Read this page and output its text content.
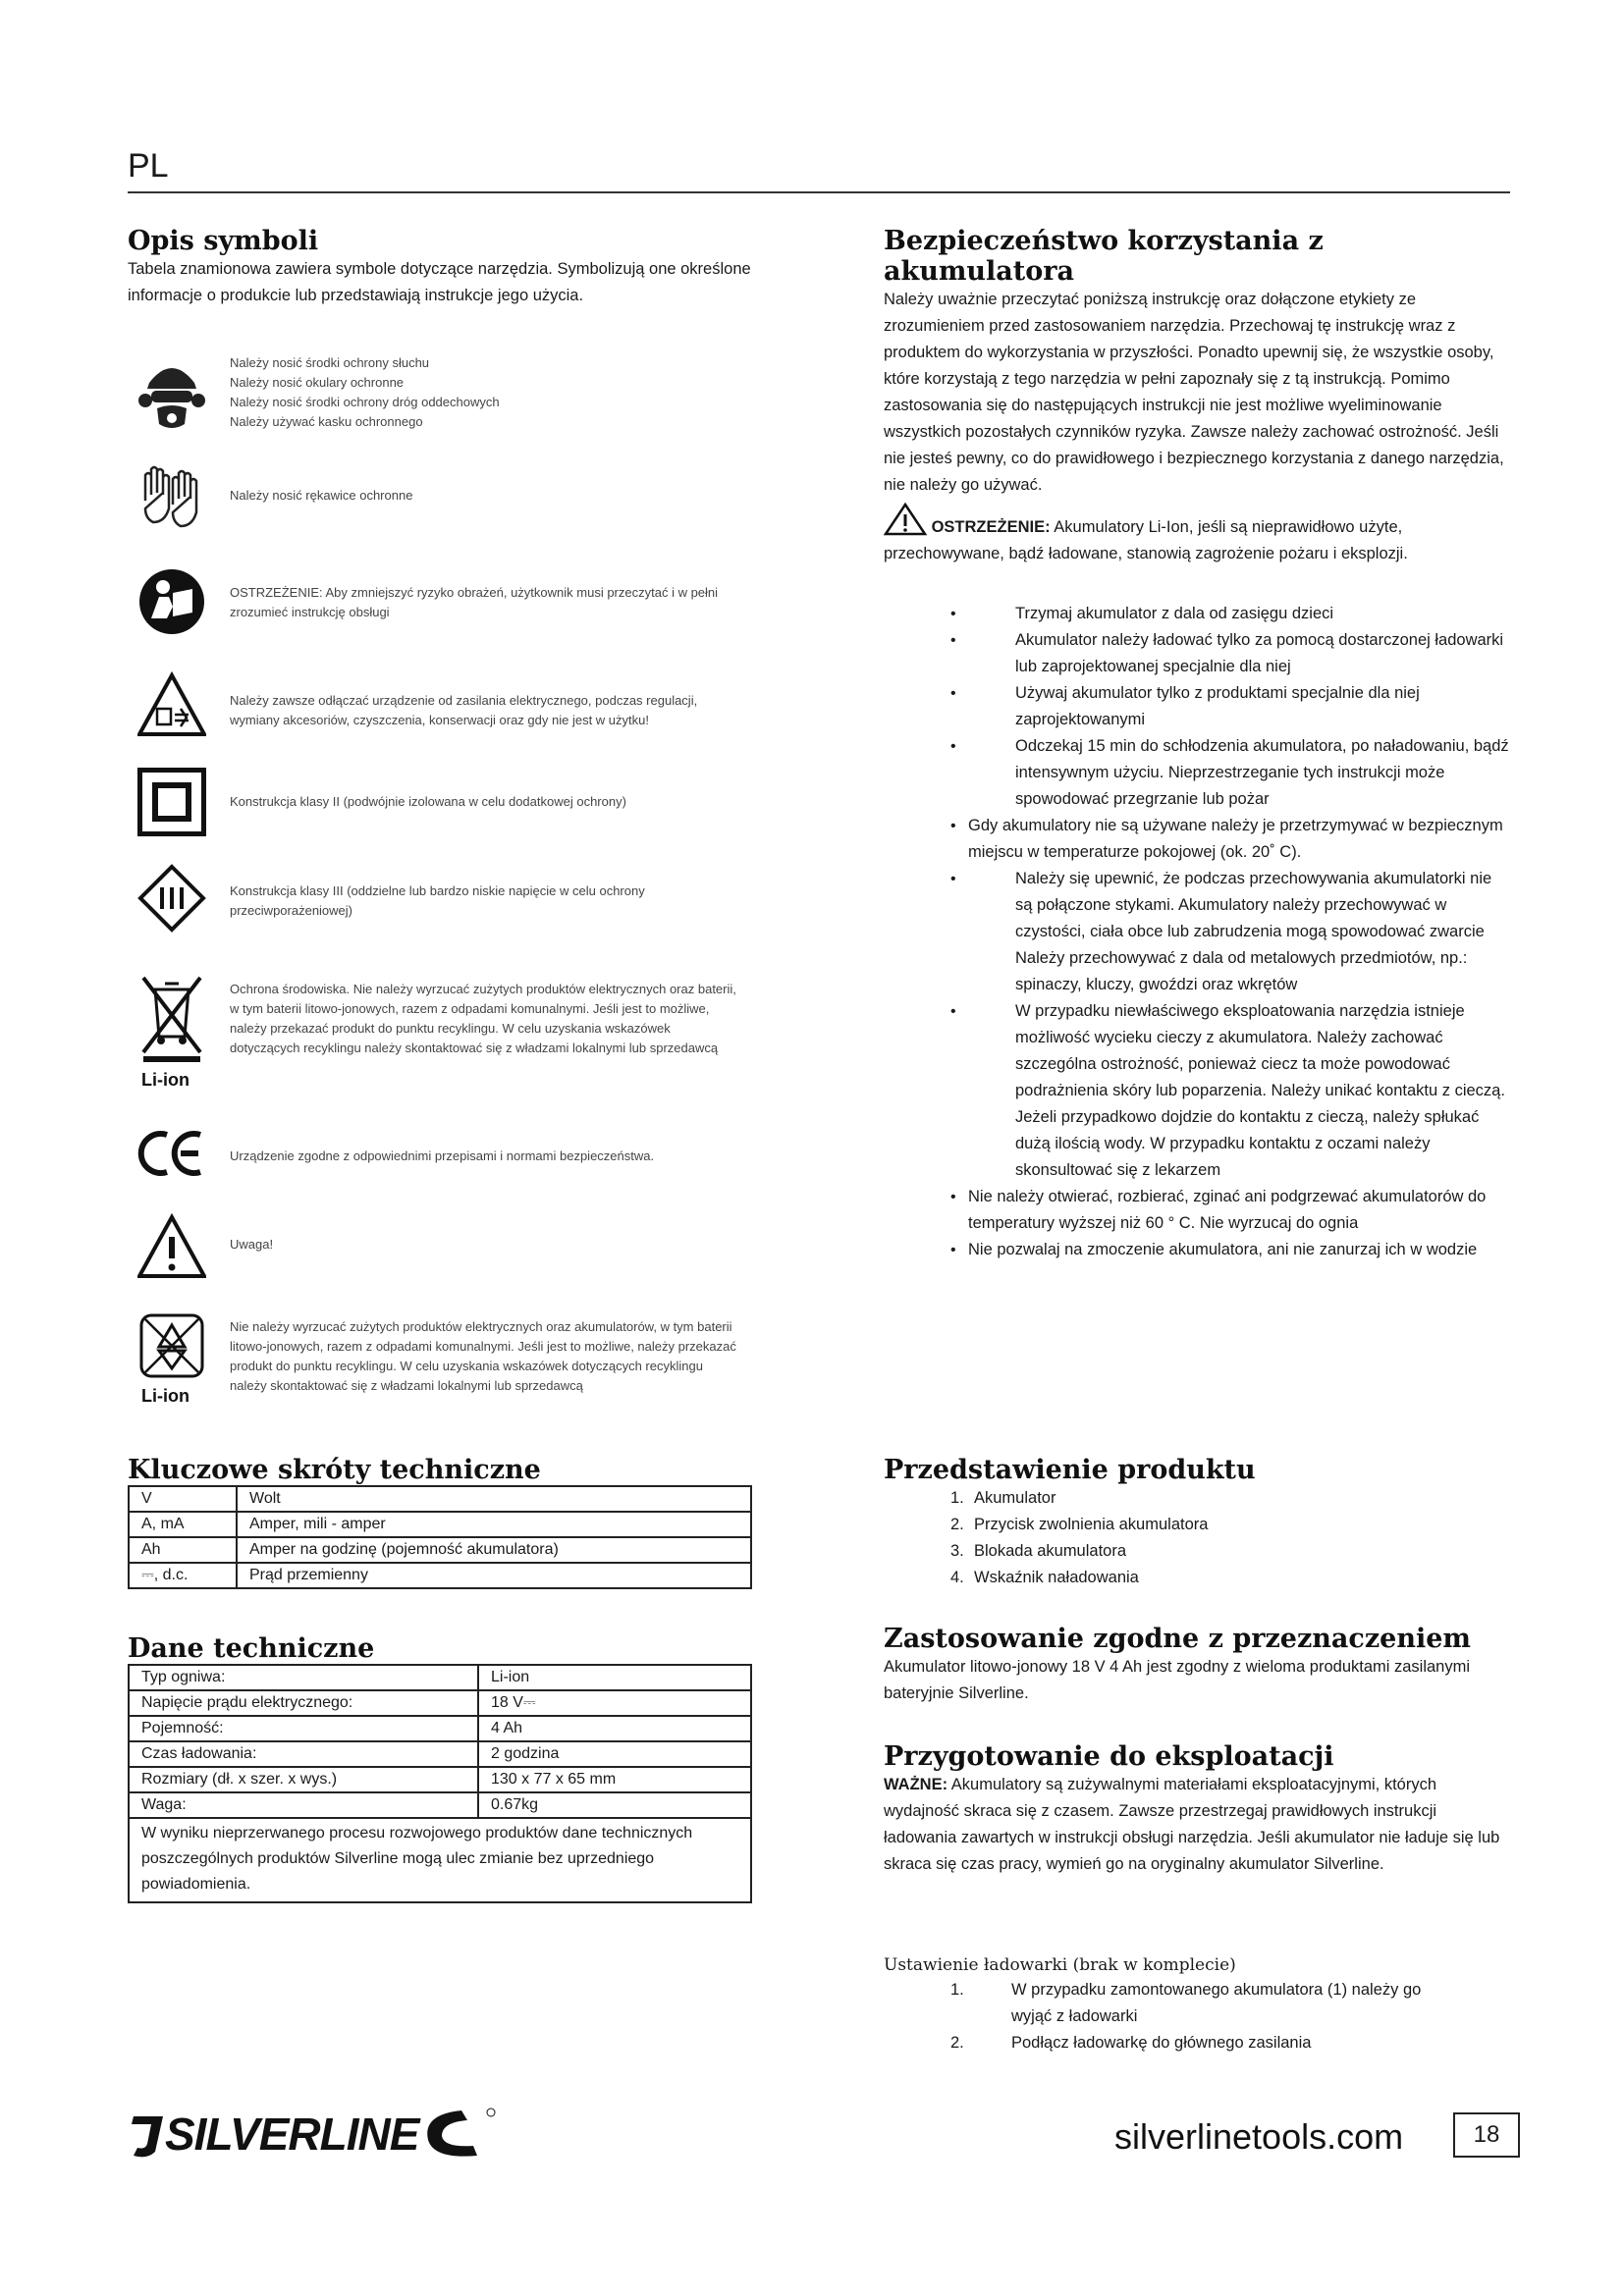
PL
Opis symboli

Tabela znamionowa zawiera symbole dotyczące narzędzia. Symbolizują one określone informacje o produkcie lub przedstawiają instrukcje jego użycia.

Należy nosić środki ochrony słuchu
Należy nosić okulary ochronne
Należy nosić środki ochrony dróg oddechowych
Należy używać kasku ochronnego
Należy nosić rękawice ochronne
OSTRZEŻENIE: Aby zmniejszyć ryzyko obrażeń, użytkownik musi przeczytać i w pełni zrozumieć instrukcję obsługi
Należy zawsze odłączać urządzenie od zasilania elektrycznego, podczas regulacji, wymiany akcesoriów, czyszczenia, konserwacji oraz gdy nie jest w użytku!
Konstrukcja klasy II (podwójnie izolowana w celu dodatkowej ochrony)
Konstrukcja klasy III (oddzielne lub bardzo niskie napięcie w celu ochrony przeciwporażeniowej)
Li-ion
Ochrona środowiska. Nie należy wyrzucać zużytych produktów elektrycznych oraz baterii, w tym baterii litowo-jonowych, razem z odpadami komunalnymi. Jeśli jest to możliwe, należy przekazać produkt do punktu recyklingu. W celu uzyskania wskazówek dotyczących recyklingu należy skontaktować się z władzami lokalnymi lub sprzedawcą
Urządzenie zgodne z odpowiednimi przepisami i normami bezpieczeństwa.
Uwaga!
Li-ion
Nie należy wyrzucać zużytych produktów elektrycznych oraz akumulatorów, w tym baterii litowo-jonowych, razem z odpadami komunalnymi. Jeśli jest to możliwe, należy przekazać produkt do punktu recyklingu. W celu uzyskania wskazówek dotyczących recyklingu należy skontaktować się z władzami lokalnymi lub sprzedawcą
Kluczowe skróty techniczne
V	Wolt
A, mA	Amper, mili - amper
Ah	Amper na godzinę (pojemność akumulatora)
⎓, d.c.	Prąd przemienny
Dane techniczne
Typ ogniwa:	Li-ion
Napięcie prądu elektrycznego:	18 V⎓
Pojemność:	4 Ah
Czas ładowania:	2 godzina
Rozmiary (dł. x szer. x wys.)	130 x 77 x 65 mm
Waga:	0.67kg
W wyniku nieprzerwanego procesu rozwojowego produktów dane technicznych poszczególnych produktów Silverline mogą ulec zmianie bez uprzedniego powiadomienia.	
Bezpieczeństwo korzystania z akumulatora

Należy uważnie przeczytać poniższą instrukcję oraz dołączone etykiety ze zrozumieniem przed zastosowaniem narzędzia. Przechowaj tę instrukcję wraz z produktem do wykorzystania w przyszłości. Ponadto upewnij się, że wszystkie osoby, które korzystają z tego narzędzia w pełni zapoznały się z tą instrukcją. Pomimo zastosowania się do następujących instrukcji nie jest możliwe wyeliminowanie wszystkich pozostałych czynników ryzyka. Zawsze należy zachować ostrożność. Jeśli nie jesteś pewny, co do prawidłowego i bezpiecznego korzystania z danego narzędzia, nie należy go używać.

OSTRZEŻENIE: Akumulatory Li-Ion, jeśli są nieprawidłowo użyte, przechowywane, bądź ładowane, stanowią zagrożenie pożaru i eksplozji.

•	Trzymaj akumulator z dala od zasięgu dzieci
•	Akumulator należy ładować tylko za pomocą dostarczonej ładowarki lub zaprojektowanej specjalnie dla niej
•	Używaj akumulator tylko z produktami specjalnie dla niej zaprojektowanymi
•	Odczekaj 15 min do schłodzenia akumulatora, po naładowaniu, bądź intensywnym użyciu. Nieprzestrzeganie tych instrukcji może spowodować przegrzanie lub pożar
• Gdy akumulatory nie są używane należy je przetrzymywać w bezpiecznym miejscu w temperaturze pokojowej (ok. 20˚ C).
•	Należy się upewnić, że podczas przechowywania akumulatorki nie są połączone stykami. Akumulatory należy przechowywać w czystości, ciała obce lub zabrudzenia mogą spowodować zwarcie Należy przechowywać z dala od metalowych przedmiotów, np.: spinaczy, kluczy, gwoździ oraz wkrętów
•	W przypadku niewłaściwego eksploatowania narzędzia istnieje możliwość wycieku cieczy z akumulatora. Należy zachować szczególna ostrożność, ponieważ ciecz ta może powodować podrażnienia skóry lub poparzenia. Należy unikać kontaktu z cieczą. Jeżeli przypadkowo dojdzie do kontaktu z cieczą, należy spłukać dużą ilością wody. W przypadku kontaktu z oczami należy skonsultować się z lekarzem
• Nie należy otwierać, rozbierać, zginać ani podgrzewać akumulatorów do temperatury wyższej niż 60 ° C. Nie wyrzucaj do ognia
• Nie pozwalaj na zmoczenie akumulatora, ani nie zanurzaj ich w wodzie
Przedstawienie produktu
1. Akumulator
2. Przycisk zwolnienia akumulatora
3. Blokada akumulatora
4. Wskaźnik naładowania
Zastosowanie zgodne z przeznaczeniem

Akumulator litowo-jonowy 18 V 4 Ah jest zgodny z wieloma produktami zasilanymi bateryjnie Silverline.

Przygotowanie do eksploatacji

WAŻNE: Akumulatory są zużywalnymi materiałami eksploatacyjnymi, których wydajność skraca się z czasem. Zawsze przestrzegaj prawidłowych instrukcji ładowania zawartych w instrukcji obsługi narzędzia. Jeśli akumulator nie ładuje się lub skraca się czas pracy, wymień go na oryginalny akumulator Silverline.

Ustawienie ładowarki (brak w komplecie)
1.	W przypadku zamontowanego akumulatora (1) należy go wyjąć z ładowarki
2.	Podłącz ładowarkę do głównego zasilania
SILVERLINE	silverlinetools.com	18
